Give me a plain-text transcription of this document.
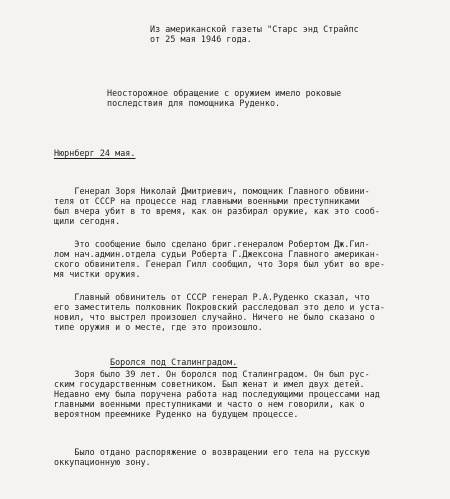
Из американской газеты "Старс энд Страйпс
от 25 мая 1946 года.
Неосторожное обращение с оружием имело роковые
последствия для помощника Руденко.
Нюрнберг 24 мая.
Генерал Зоря Николай Дмитриевич, помощник Главного обвини-
теля от СССР на процессе над главными военными преступниками
был вчера убит в то время, как он разбирал оружие, как это сооб-
щили сегодня.
Это сообщение было сделано бриг.генералом Робертом Дж.Гил-
лом нач.админ.отдела судьи Роберта Г.Джексона Главного американ-
ского обвинителя. Генерал Гилл сообщил, что Зоря был убит во вре-
мя чистки оружия.
Главный обвинитель от СССР генерал Р.А.Руденко сказал, что
его заместитель полковник Покровский расследовал это дело и уста-
новил, что выстрел произошел случайно. Ничего не было сказано о
типе оружия и о месте, где это произошло.
Боролся под Сталинградом.
Зоря было 39 лет. Он боролся под Сталинградом. Он был рус-
ским государственным советником. Был женат и имел двух детей.
Недавно ему была поручена работа над последующими процессами над
главными военными преступниками и часто о нем говорили, как о
вероятном преемнике Руденко на будущем процессе.
Было отдано распоряжение о возвращении его тела на русскую
оккупационную зону.
